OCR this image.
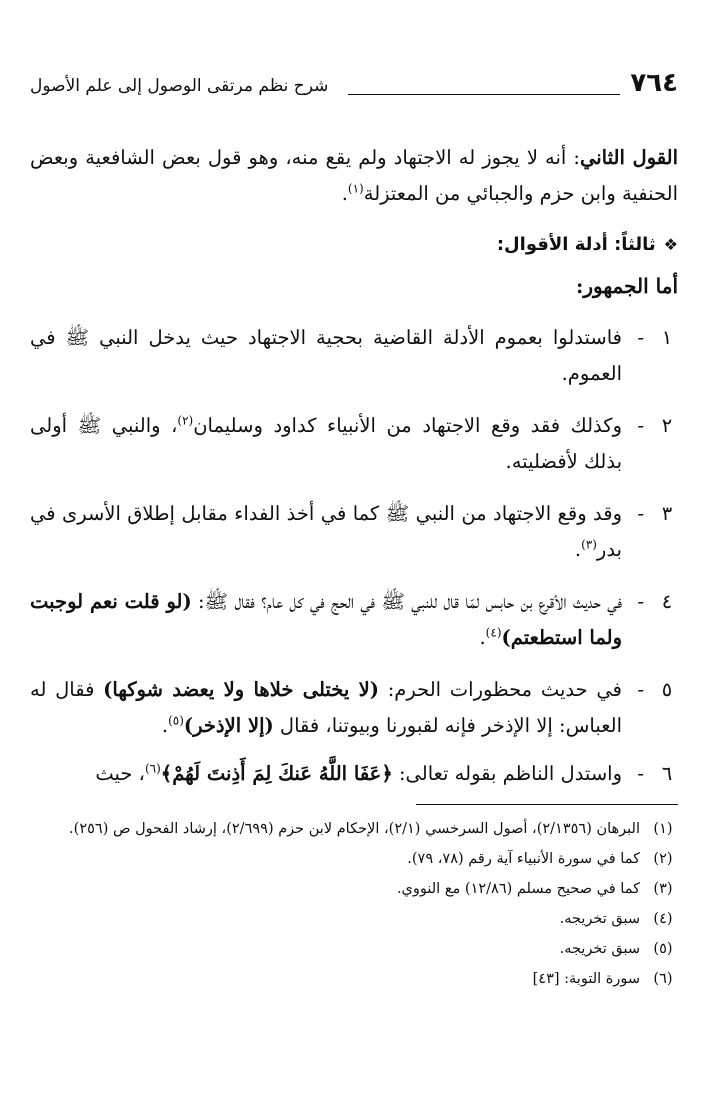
٧٦٤
شرح نظم مرتقى الوصول إلى علم الأصول
القول الثاني: أنه لا يجوز له الاجتهاد ولم يقع منه، وهو قول بعض الشافعية وبعض الحنفية وابن حزم والجبائي من المعتزلة$^{(١)}$.
❖ثالثاً: أدلة الأقوال:
أما الجمهور:
١
-
فاستدلوا بعموم الأدلة القاضية بحجية الاجتهاد حيث يدخل النبي ﷺ في العموم.
٢
-
وكذلك فقد وقع الاجتهاد من الأنبياء كداود وسليمان$^{(٢)}$، والنبي ﷺ أولى بذلك لأفضليته.
٣
-
وقد وقع الاجتهاد من النبي ﷺ كما في أخذ الفداء مقابل إطلاق الأسرى في بدر$^{(٣)}$.
٤
-
في حديث الأقرع بن حابس لمّا قال للنبي ﷺ في الحج في كل عام؟ فقال ﷺ: (لو قلت نعم لوجبت ولما استطعتم)$^{(٤)}$.
٥
-
في حديث محظورات الحرم: (لا يختلى خلاها ولا يعضد شوكها) فقال له العباس: إلا الإذخر فإنه لقبورنا وبيوتنا، فقال (إلا الإذخر)$^{(٥)}$.
٦
-
واستدل الناظم بقوله تعالى: ﴿عَفَا اللَّهُ عَنكَ لِمَ أَذِنتَ لَهُمْ﴾$^{(٦)}$، حيث
(١)
البرهان (٢/١٣٥٦)، أصول السرخسي (٢/١)، الإحكام لابن حزم (٢/٦٩٩)، إرشاد الفحول ص (٢٥٦).
(٢)
كما في سورة الأنبياء آية رقم (٧٨، ٧٩).
(٣)
كما في صحيح مسلم (١٢/٨٦) مع النووي.
(٤)
سبق تخريجه.
(٥)
سبق تخريجه.
(٦)
سورة التوبة: [٤٣]
